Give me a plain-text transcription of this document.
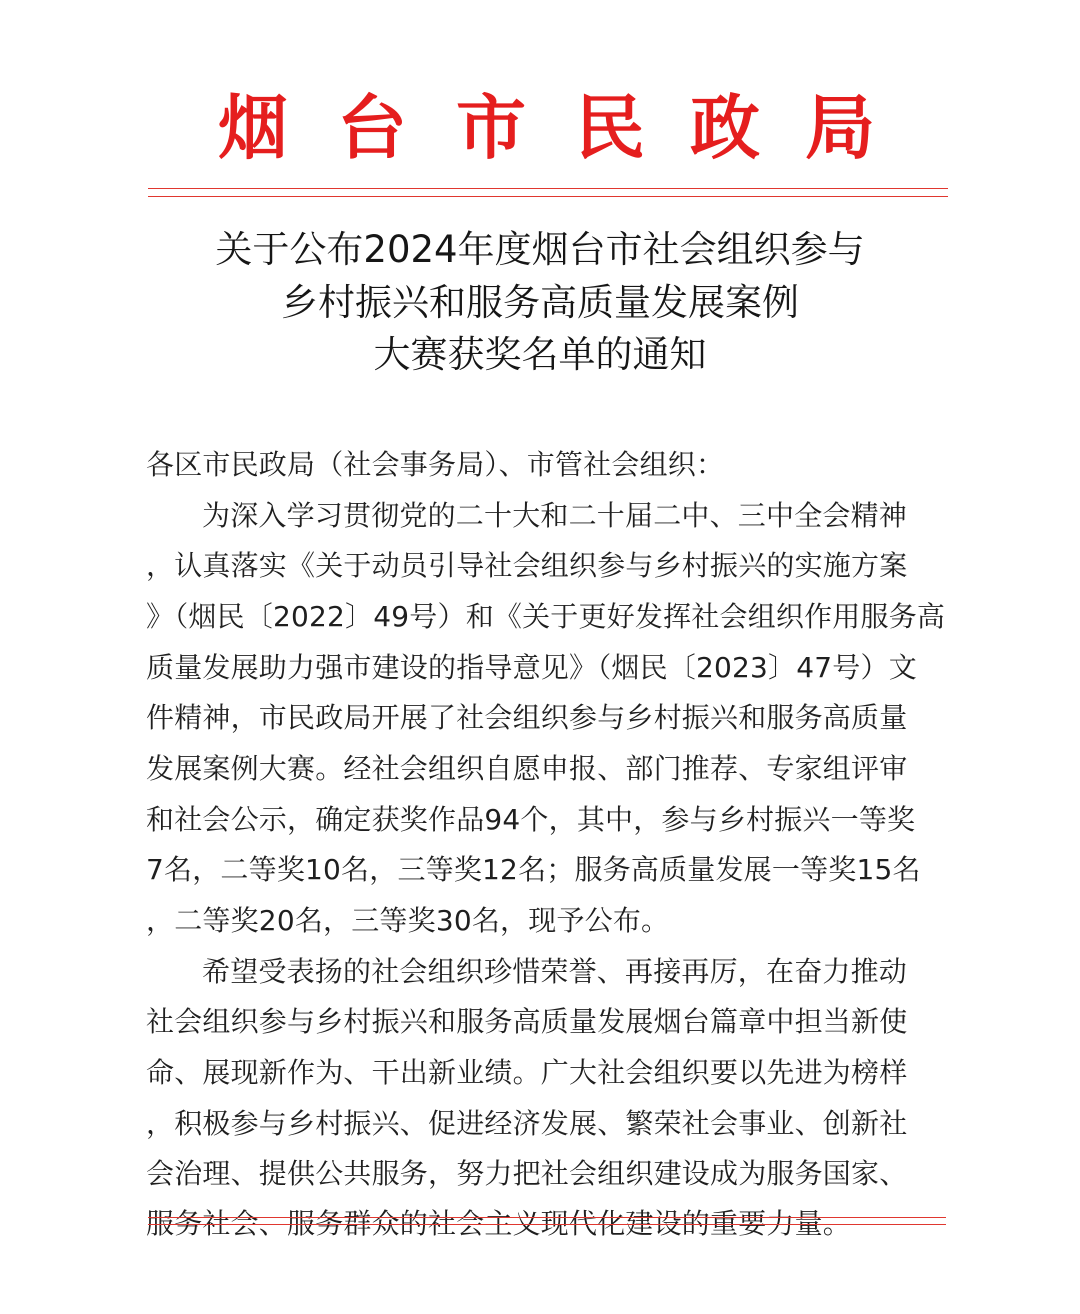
烟 台 市 民 政 局
关于公布2024年度烟台市社会组织参与
乡村振兴和服务高质量发展案例
大赛获奖名单的通知
各区市民政局（社会事务局）、市管社会组织：
为深入学习贯彻党的二十大和二十届二中、三中全会精神
，认真落实《关于动员引导社会组织参与乡村振兴的实施方案
》（烟民〔2022〕49号）和《关于更好发挥社会组织作用服务高
质量发展助力强市建设的指导意见》（烟民〔2023〕47号）文
件精神，市民政局开展了社会组织参与乡村振兴和服务高质量
发展案例大赛。经社会组织自愿申报、部门推荐、专家组评审
和社会公示，确定获奖作品94个，其中，参与乡村振兴一等奖
7名，二等奖10名，三等奖12名；服务高质量发展一等奖15名
，二等奖20名，三等奖30名，现予公布。
希望受表扬的社会组织珍惜荣誉、再接再厉，在奋力推动
社会组织参与乡村振兴和服务高质量发展烟台篇章中担当新使
命、展现新作为、干出新业绩。广大社会组织要以先进为榜样
，积极参与乡村振兴、促进经济发展、繁荣社会事业、创新社
会治理、提供公共服务，努力把社会组织建设成为服务国家、
服务社会、服务群众的社会主义现代化建设的重要力量。
